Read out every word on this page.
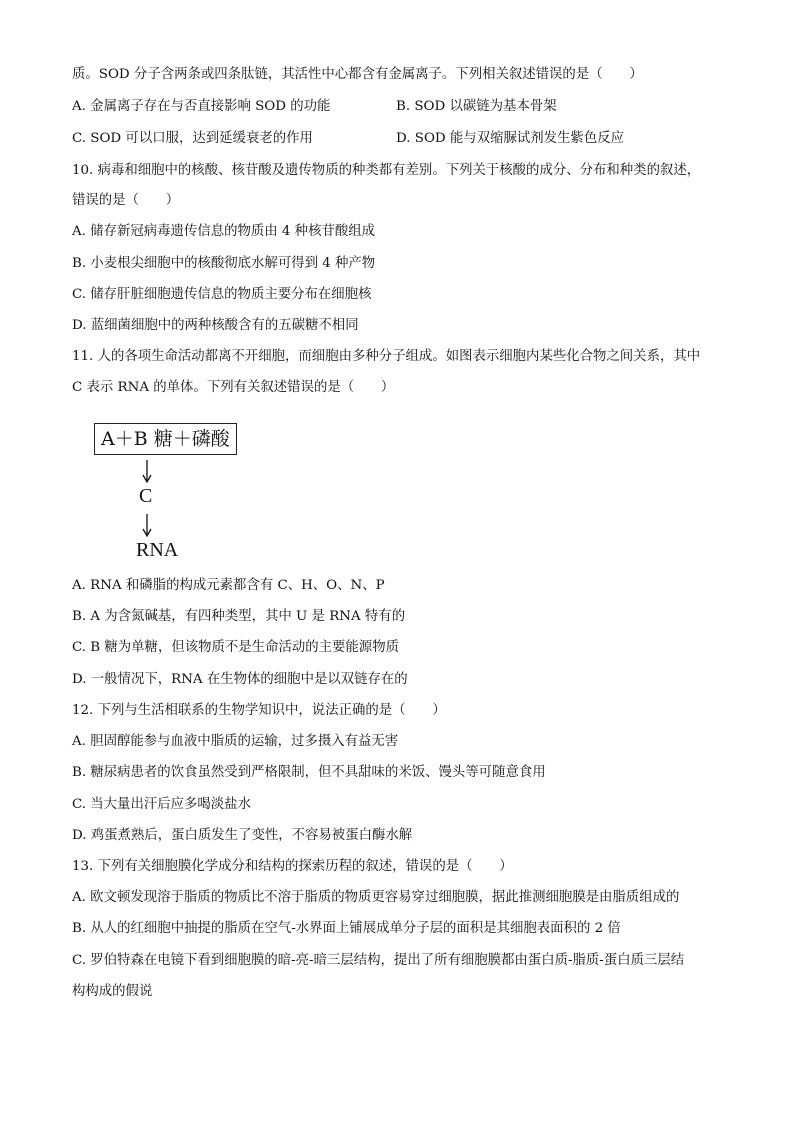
质。SOD 分子含两条或四条肽链，其活性中心都含有金属离子。下列相关叙述错误的是（　　）
A. 金属离子存在与否直接影响 SOD 的功能	B. SOD 以碳链为基本骨架
C. SOD 可以口服，达到延缓衰老的作用	D. SOD 能与双缩脲试剂发生紫色反应
10. 病毒和细胞中的核酸、核苷酸及遗传物质的种类都有差别。下列关于核酸的成分、分布和种类的叙述，
错误的是（　　）
A. 储存新冠病毒遗传信息的物质由 4 种核苷酸组成
B. 小麦根尖细胞中的核酸彻底水解可得到 4 种产物
C. 储存肝脏细胞遗传信息的物质主要分布在细胞核
D. 蓝细菌细胞中的两种核酸含有的五碳糖不相同
11. 人的各项生命活动都离不开细胞，而细胞由多种分子组成。如图表示细胞内某些化合物之间关系，其中
C 表示 RNA 的单体。下列有关叙述错误的是（　　）
A＋B 糖＋磷酸
C
RNA
A. RNA 和磷脂的构成元素都含有 C、H、O、N、P
B. A 为含氮碱基，有四种类型，其中 U 是 RNA 特有的
C. B 糖为单糖，但该物质不是生命活动的主要能源物质
D. 一般情况下，RNA 在生物体的细胞中是以双链存在的
12. 下列与生活相联系的生物学知识中，说法正确的是（　　）
A. 胆固醇能参与血液中脂质的运输，过多摄入有益无害
B. 糖尿病患者的饮食虽然受到严格限制，但不具甜味的米饭、馒头等可随意食用
C. 当大量出汗后应多喝淡盐水
D. 鸡蛋煮熟后，蛋白质发生了变性，不容易被蛋白酶水解
13. 下列有关细胞膜化学成分和结构的探索历程的叙述，错误的是（　　）
A. 欧文顿发现溶于脂质的物质比不溶于脂质的物质更容易穿过细胞膜，据此推测细胞膜是由脂质组成的
B. 从人的红细胞中抽提的脂质在空气-水界面上铺展成单分子层的面积是其细胞表面积的 2 倍
C. 罗伯特森在电镜下看到细胞膜的暗-亮-暗三层结构，提出了所有细胞膜都由蛋白质-脂质-蛋白质三层结
构构成的假说
